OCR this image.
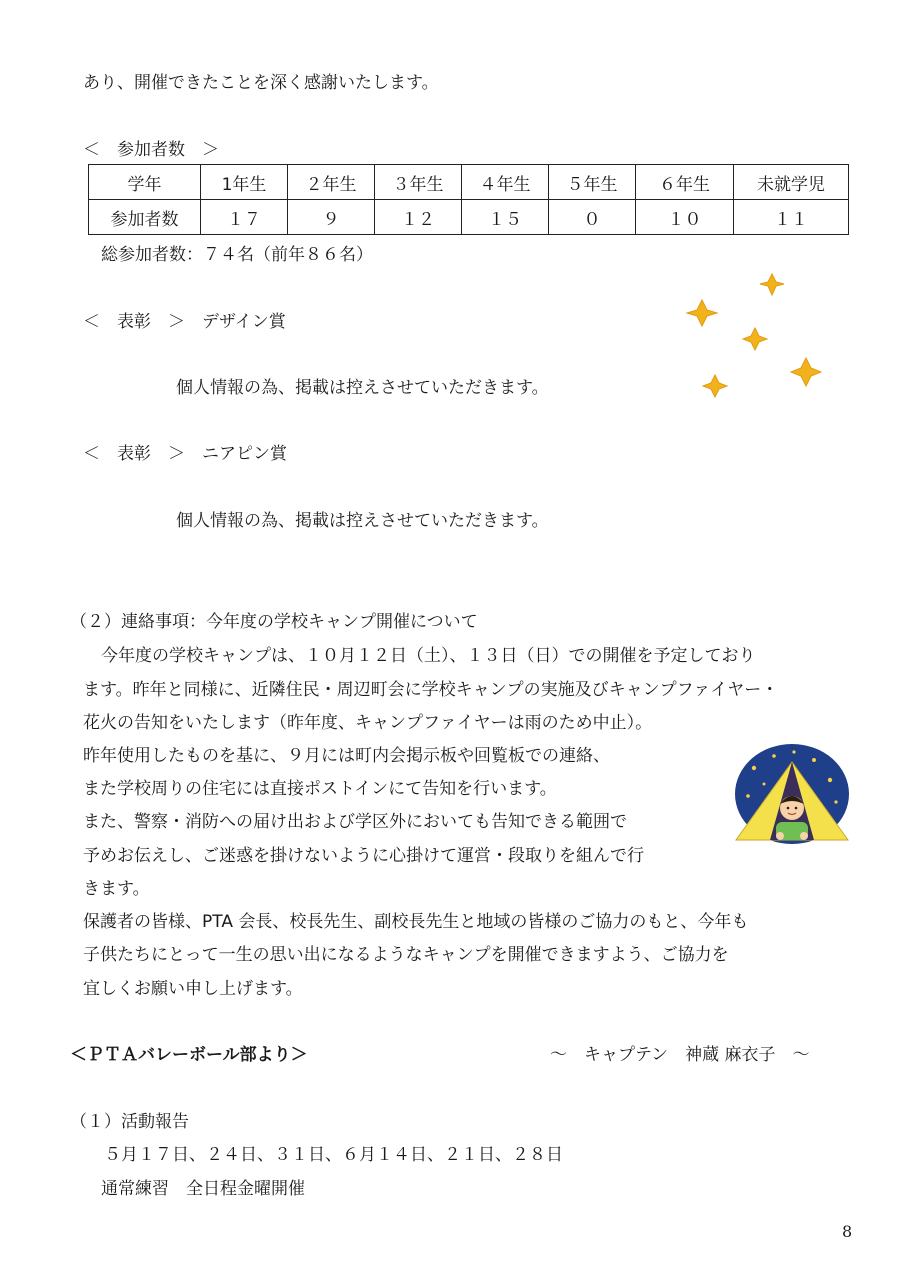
あり、開催できたことを深く感謝いたします。
＜　参加者数　＞
学年	1年生	２年生	３年生	４年生	５年生	６年生	未就学児
参加者数	１７	９	１２	１５	０	１０	１１
総参加者数：７４名（前年８６名）
＜　表彰　＞　デザイン賞
個人情報の為、掲載は控えさせていただきます。
＜　表彰　＞　ニアピン賞
個人情報の為、掲載は控えさせていただきます。
（２）連絡事項：今年度の学校キャンプ開催について
今年度の学校キャンプは、１０月１２日（土）、１３日（日）での開催を予定しており
ます。昨年と同様に、近隣住民・周辺町会に学校キャンプの実施及びキャンプファイヤー・
花火の告知をいたします（昨年度、キャンプファイヤーは雨のため中止）。
昨年使用したものを基に、９月には町内会掲示板や回覧板での連絡、
また学校周りの住宅には直接ポストインにて告知を行います。
また、警察・消防への届け出および学区外においても告知できる範囲で
予めお伝えし、ご迷惑を掛けないように心掛けて運営・段取りを組んで行
きます。
保護者の皆様、PTA 会長、校長先生、副校長先生と地域の皆様のご協力のもと、今年も
子供たちにとって一生の思い出になるようなキャンプを開催できますよう、ご協力を
宜しくお願い申し上げます。
＜ＰＴＡバレーボール部より＞	～　キャプテン　神蔵 麻衣子　～
（１）活動報告
５月１７日、２４日、３１日、６月１４日、２１日、２８日
通常練習　全日程金曜開催
8
